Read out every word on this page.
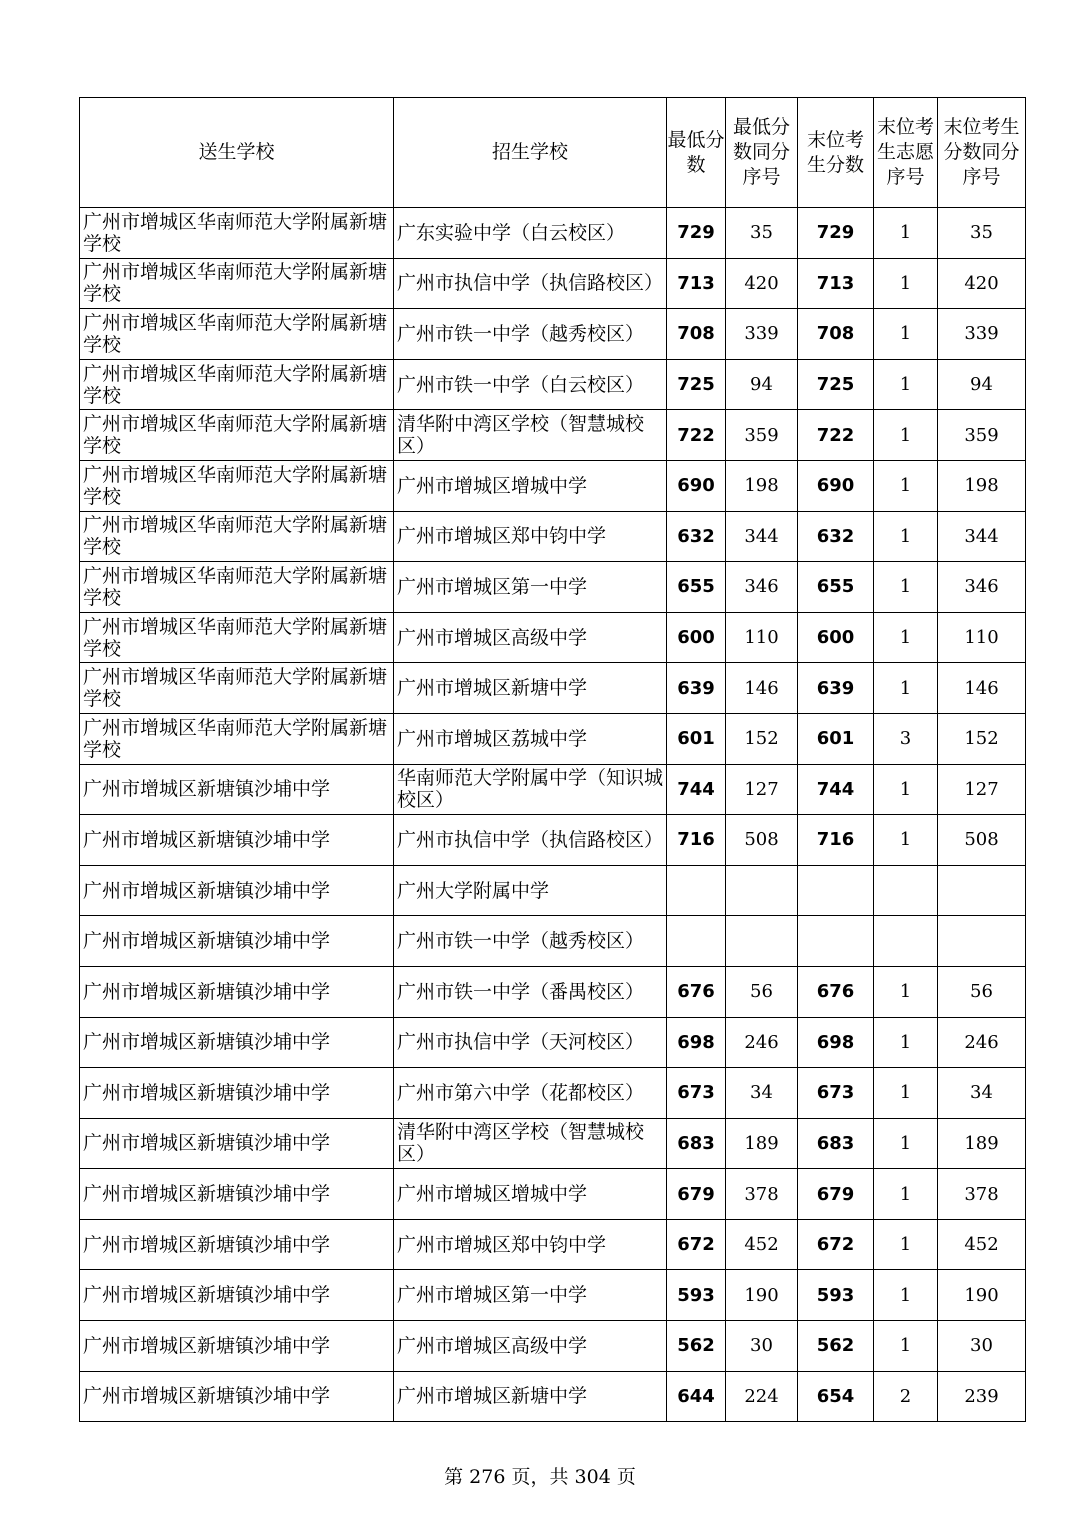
送生学校	招生学校	最低分数	最低分数同分序号	末位考生分数	末位考生志愿序号	末位考生分数同分序号
广州市增城区华南师范大学附属新塘学校	广东实验中学（白云校区）	729	35	729	1	35
广州市增城区华南师范大学附属新塘学校	广州市执信中学（执信路校区）	713	420	713	1	420
广州市增城区华南师范大学附属新塘学校	广州市铁一中学（越秀校区）	708	339	708	1	339
广州市增城区华南师范大学附属新塘学校	广州市铁一中学（白云校区）	725	94	725	1	94
广州市增城区华南师范大学附属新塘学校	清华附中湾区学校（智慧城校区）	722	359	722	1	359
广州市增城区华南师范大学附属新塘学校	广州市增城区增城中学	690	198	690	1	198
广州市增城区华南师范大学附属新塘学校	广州市增城区郑中钧中学	632	344	632	1	344
广州市增城区华南师范大学附属新塘学校	广州市增城区第一中学	655	346	655	1	346
广州市增城区华南师范大学附属新塘学校	广州市增城区高级中学	600	110	600	1	110
广州市增城区华南师范大学附属新塘学校	广州市增城区新塘中学	639	146	639	1	146
广州市增城区华南师范大学附属新塘学校	广州市增城区荔城中学	601	152	601	3	152
广州市增城区新塘镇沙埔中学	华南师范大学附属中学（知识城校区）	744	127	744	1	127
广州市增城区新塘镇沙埔中学	广州市执信中学（执信路校区）	716	508	716	1	508
广州市增城区新塘镇沙埔中学	广州大学附属中学					
广州市增城区新塘镇沙埔中学	广州市铁一中学（越秀校区）					
广州市增城区新塘镇沙埔中学	广州市铁一中学（番禺校区）	676	56	676	1	56
广州市增城区新塘镇沙埔中学	广州市执信中学（天河校区）	698	246	698	1	246
广州市增城区新塘镇沙埔中学	广州市第六中学（花都校区）	673	34	673	1	34
广州市增城区新塘镇沙埔中学	清华附中湾区学校（智慧城校区）	683	189	683	1	189
广州市增城区新塘镇沙埔中学	广州市增城区增城中学	679	378	679	1	378
广州市增城区新塘镇沙埔中学	广州市增城区郑中钧中学	672	452	672	1	452
广州市增城区新塘镇沙埔中学	广州市增城区第一中学	593	190	593	1	190
广州市增城区新塘镇沙埔中学	广州市增城区高级中学	562	30	562	1	30
广州市增城区新塘镇沙埔中学	广州市增城区新塘中学	644	224	654	2	239
第 276 页，共 304 页
